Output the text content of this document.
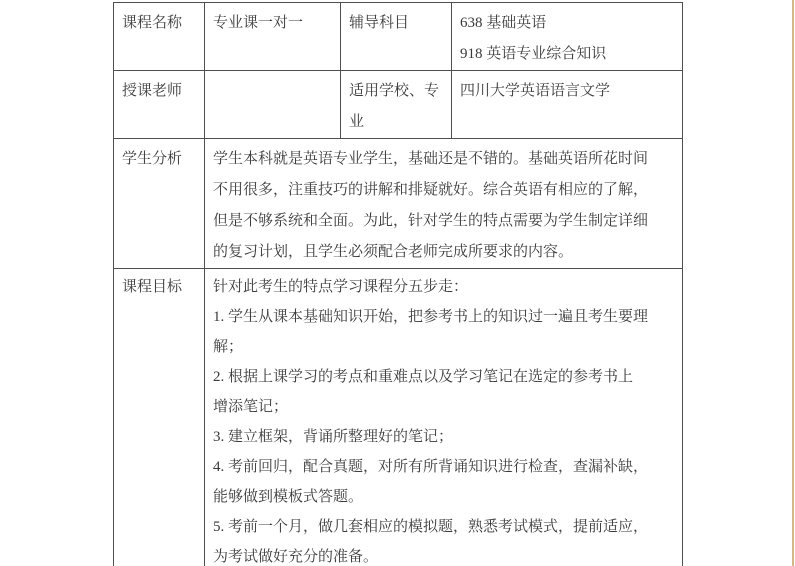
课程名称	专业课一对一	辅导科目	638 基础英语
918 英语专业综合知识

授课老师		适用学校、专
业	四川大学英语语言文学
学生分析	学生本科就是英语专业学生，基础还是不错的。基础英语所花时间
不用很多，注重技巧的讲解和排疑就好。综合英语有相应的了解，
但是不够系统和全面。为此，针对学生的特点需要为学生制定详细
的复习计划，且学生必须配合老师完成所要求的内容。		

课程目标	针对此考生的特点学习课程分五步走：
1. 学生从课本基础知识开始，把参考书上的知识过一遍且考生要理
解；
2. 根据上课学习的考点和重难点以及学习笔记在选定的参考书上
增添笔记；
3. 建立框架，背诵所整理好的笔记；
4. 考前回归，配合真题，对所有所背诵知识进行检查，查漏补缺，
能够做到模板式答题。
5. 考前一个月，做几套相应的模拟题，熟悉考试模式，提前适应，
为考试做好充分的准备。
